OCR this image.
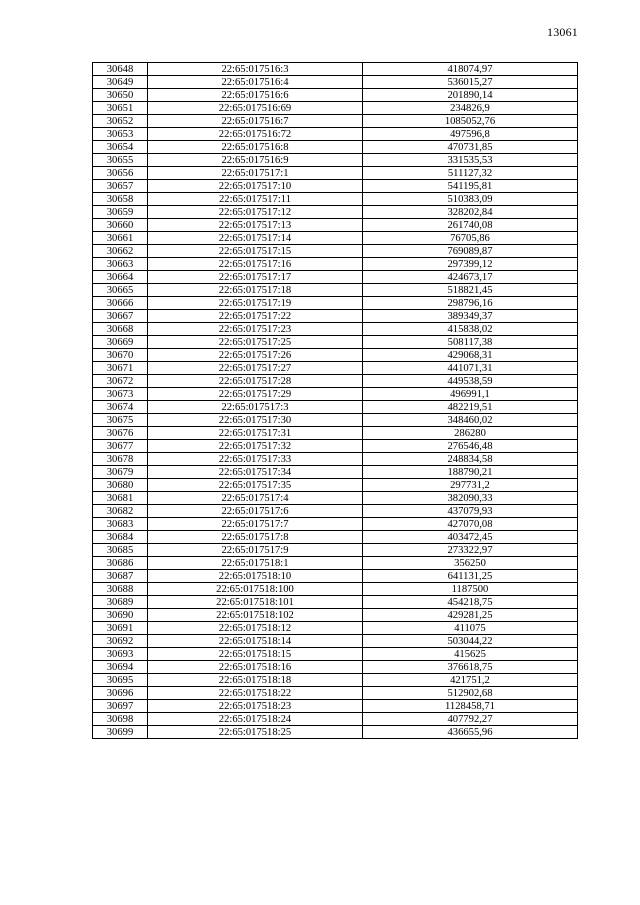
13061
30648	22:65:017516:3	418074,97
30649	22:65:017516:4	536015,27
30650	22:65:017516:6	201890,14
30651	22:65:017516:69	234826,9
30652	22:65:017516:7	1085052,76
30653	22:65:017516:72	497596,8
30654	22:65:017516:8	470731,85
30655	22:65:017516:9	331535,53
30656	22:65:017517:1	511127,32
30657	22:65:017517:10	541195,81
30658	22:65:017517:11	510383,09
30659	22:65:017517:12	328202,84
30660	22:65:017517:13	261740,08
30661	22:65:017517:14	76705,86
30662	22:65:017517:15	769089,87
30663	22:65:017517:16	297399,12
30664	22:65:017517:17	424673,17
30665	22:65:017517:18	518821,45
30666	22:65:017517:19	298796,16
30667	22:65:017517:22	389349,37
30668	22:65:017517:23	415838,02
30669	22:65:017517:25	508117,38
30670	22:65:017517:26	429068,31
30671	22:65:017517:27	441071,31
30672	22:65:017517:28	449538,59
30673	22:65:017517:29	496991,1
30674	22:65:017517:3	482219,51
30675	22:65:017517:30	348460,02
30676	22:65:017517:31	286280
30677	22:65:017517:32	276546,48
30678	22:65:017517:33	248834,58
30679	22:65:017517:34	188790,21
30680	22:65:017517:35	297731,2
30681	22:65:017517:4	382090,33
30682	22:65:017517:6	437079,93
30683	22:65:017517:7	427070,08
30684	22:65:017517:8	403472,45
30685	22:65:017517:9	273322,97
30686	22:65:017518:1	356250
30687	22:65:017518:10	641131,25
30688	22:65:017518:100	1187500
30689	22:65:017518:101	454218,75
30690	22:65:017518:102	429281,25
30691	22:65:017518:12	411075
30692	22:65:017518:14	503044,22
30693	22:65:017518:15	415625
30694	22:65:017518:16	376618,75
30695	22:65:017518:18	421751,2
30696	22:65:017518:22	512902,68
30697	22:65:017518:23	1128458,71
30698	22:65:017518:24	407792,27
30699	22:65:017518:25	436655,96
